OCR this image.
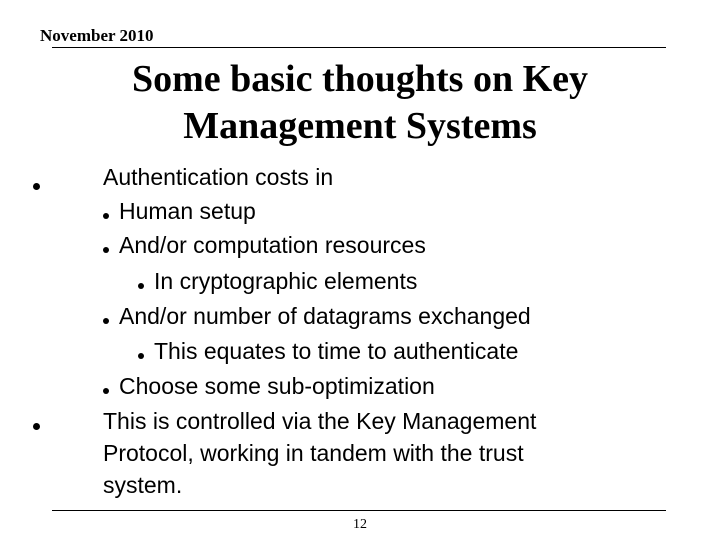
November 2010
Some basic thoughts on Key
Management Systems
Authentication costs in
Human setup
And/or computation resources
In cryptographic elements
And/or number of datagrams exchanged
This equates to time to authenticate
Choose some sub-optimization
This is controlled via the Key Management
Protocol, working in tandem with the trust
system.
12
